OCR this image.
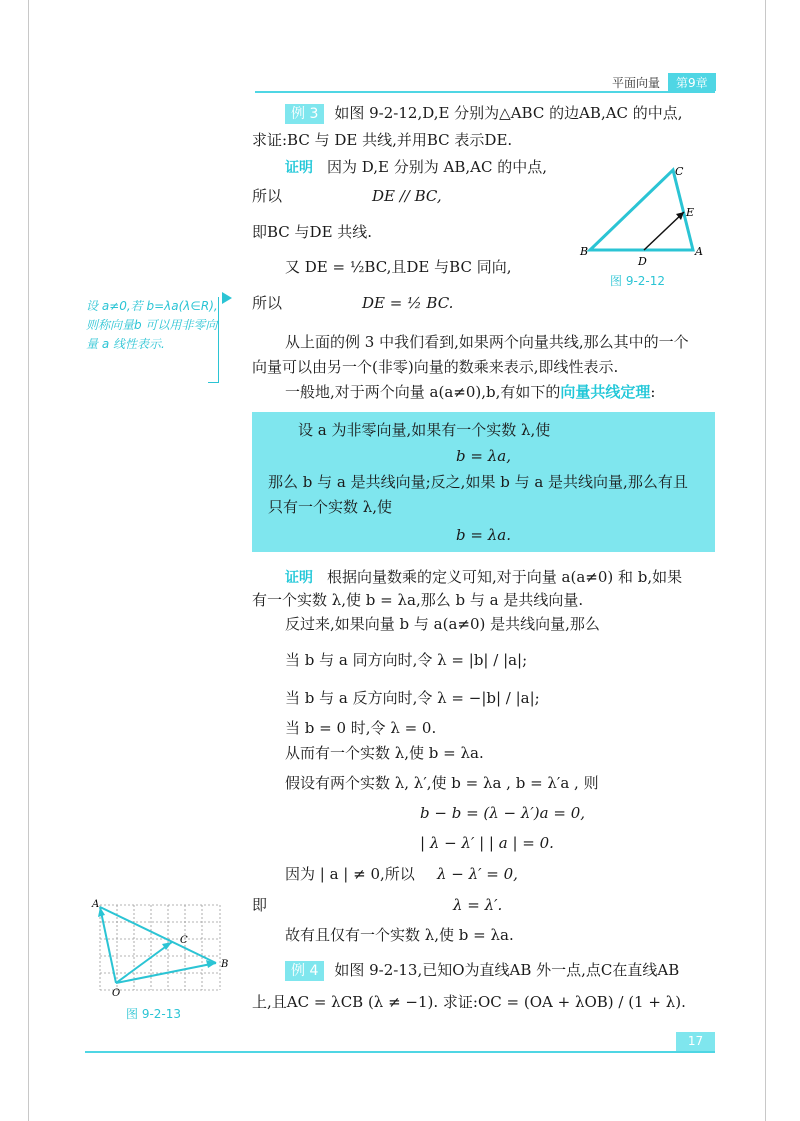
平面向量	第9章
例 3 如图 9-2-12,D,E 分别为△ABC 的边AB,AC 的中点,
求证:BC 与 DE 共线,并用BC 表示DE.
证明 因为 D,E 分别为 AB,AC 的中点,
所以	DE // BC,
即BC 与DE 共线.
又 DE = ½BC,且DE 与BC 同向,
所以	DE = ½ BC.
B
C
E
A
D
图 9-2-12
设 a≠0,若 b=λa(λ∈R),则称向量b 可以用非零向量 a 线性表示.	从上面的例 3 中我们看到,如果两个向量共线,那么其中的一个
向量可以由另一个(非零)向量的数乘来表示,即线性表示.
一般地,对于两个向量 a(a≠0),b,有如下的向量共线定理:
设 a 为非零向量,如果有一个实数 λ,使
b = λa,
那么 b 与 a 是共线向量;反之,如果 b 与 a 是共线向量,那么有且
只有一个实数 λ,使
b = λa.
证明 根据向量数乘的定义可知,对于向量 a(a≠0) 和 b,如果
有一个实数 λ,使 b = λa,那么 b 与 a 是共线向量.
反过来,如果向量 b 与 a(a≠0) 是共线向量,那么
当 b 与 a 同方向时,令 λ = |b| / |a|;
当 b 与 a 反方向时,令 λ = −|b| / |a|;
当 b = 0 时,令 λ = 0.
从而有一个实数 λ,使 b = λa.
假设有两个实数 λ, λ′,使 b = λa , b = λ′a , 则
b − b = (λ − λ′)a = 0,
| λ − λ′ | | a | = 0.
因为 | a | ≠ 0,所以 λ − λ′ = 0,
即	λ = λ′.
故有且仅有一个实数 λ,使 b = λa.
A
B
C
O
图 9-2-13
例 4 如图 9-2-13,已知O为直线AB 外一点,点C在直线AB
上,且AC = λCB (λ ≠ −1). 求证:OC = (OA + λOB) / (1 + λ).
17
